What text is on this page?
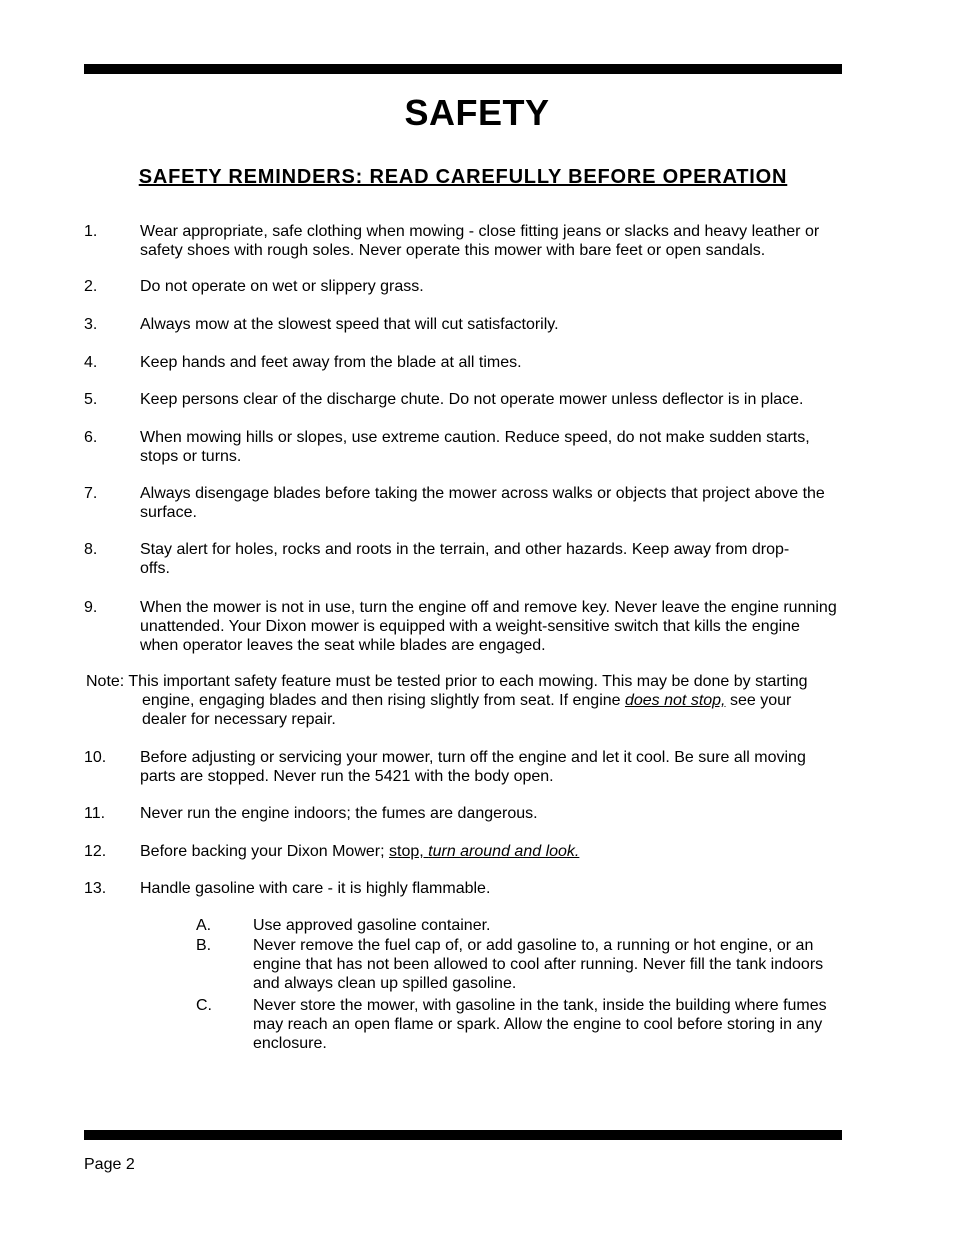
SAFETY
SAFETY REMINDERS: READ CAREFULLY BEFORE OPERATION
1.	Wear appropriate, safe clothing when mowing - close fitting jeans or slacks and heavy leather or safety shoes with rough soles. Never operate this mower with bare feet or open sandals.
2.	Do not operate on wet or slippery grass.
3.	Always mow at the slowest speed that will cut satisfactorily.
4.	Keep hands and feet away from the blade at all times.
5.	Keep persons clear of the discharge chute. Do not operate mower unless deflector is in place.
6.	When mowing hills or slopes, use extreme caution. Reduce speed, do not make sudden starts, stops or turns.
7.	Always disengage blades before taking the mower across walks or objects that project above the surface.
8.	Stay alert for holes, rocks and roots in the terrain, and other hazards. Keep away from drop-offs.
9.	When the mower is not in use, turn the engine off and remove key. Never leave the engine running unattended. Your Dixon mower is equipped with a weight-sensitive switch that kills the engine when operator leaves the seat while blades are engaged.
Note: This important safety feature must be tested prior to each mowing. This may be done by starting
engine, engaging blades and then rising slightly from seat. If engine does not stop, see your
dealer for necessary repair.
10. Before adjusting or servicing your mower, turn off the engine and let it cool. Be sure all moving parts are stopped. Never run the 5421 with the body open.
11. Never run the engine indoors; the fumes are dangerous.
12. Before backing your Dixon Mower; stop, turn around and look.
13. Handle gasoline with care - it is highly flammable.
A.	Use approved gasoline container.
B.	Never remove the fuel cap of, or add gasoline to, a running or hot engine, or an engine that has not been allowed to cool after running. Never fill the tank indoors and always clean up spilled gasoline.
C.	Never store the mower, with gasoline in the tank, inside the building where fumes may reach an open flame or spark. Allow the engine to cool before storing in any enclosure.
Page 2
